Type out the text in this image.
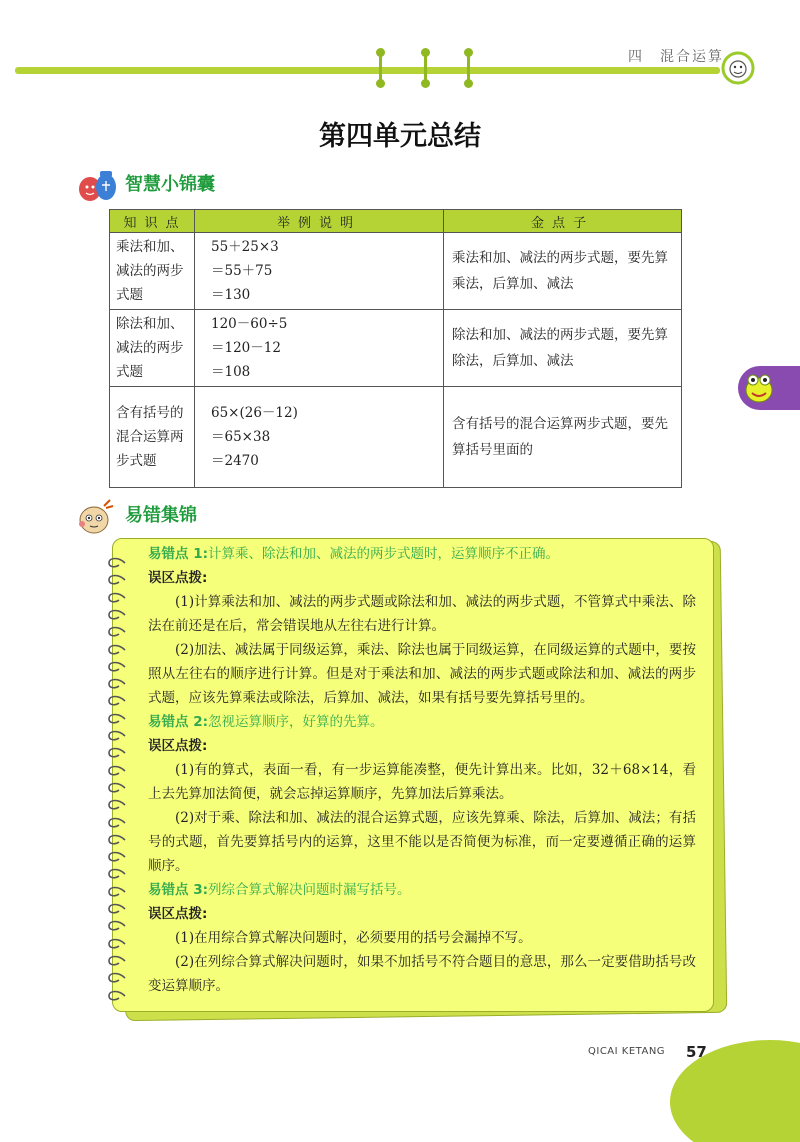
四　混合运算
第四单元总结
智慧小锦囊
知识点	举例说明	金点子
乘法和加、减法的两步式题	55＋25×3
＝55＋75
＝130	乘法和加、减法的两步式题，要先算乘法，后算加、减法
除法和加、减法的两步式题	120－60÷5
＝120－12
＝108	除法和加、减法的两步式题，要先算除法，后算加、减法
含有括号的混合运算两步式题	65×(26－12)
＝65×38
＝2470	含有括号的混合运算两步式题，要先算括号里面的
易错集锦

易错点 1:计算乘、除法和加、减法的两步式题时，运算顺序不正确。

误区点拨:

(1)计算乘法和加、减法的两步式题或除法和加、减法的两步式题，不管算式中乘法、除法在前还是在后，常会错误地从左往右进行计算。

(2)加法、减法属于同级运算，乘法、除法也属于同级运算，在同级运算的式题中，要按照从左往右的顺序进行计算。但是对于乘法和加、减法的两步式题或除法和加、减法的两步式题，应该先算乘法或除法，后算加、减法，如果有括号要先算括号里的。

易错点 2:忽视运算顺序，好算的先算。

误区点拨:

(1)有的算式，表面一看，有一步运算能凑整，便先计算出来。比如，32＋68×14，看上去先算加法简便，就会忘掉运算顺序，先算加法后算乘法。

(2)对于乘、除法和加、减法的混合运算式题，应该先算乘、除法，后算加、减法；有括号的式题，首先要算括号内的运算，这里不能以是否简便为标准，而一定要遵循正确的运算顺序。

易错点 3:列综合算式解决问题时漏写括号。

误区点拨:

(1)在用综合算式解决问题时，必须要用的括号会漏掉不写。

(2)在列综合算式解决问题时，如果不加括号不符合题目的意思，那么一定要借助括号改变运算顺序。

QICAI KETANG 57
